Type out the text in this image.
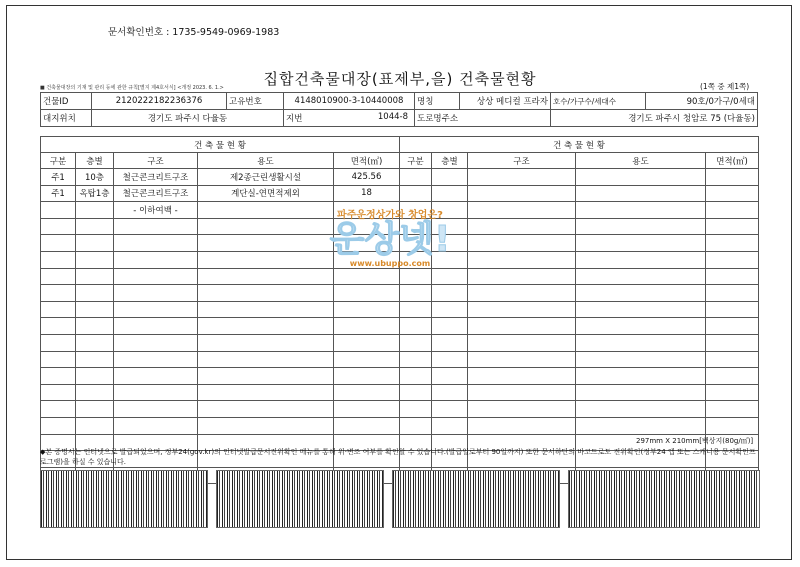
문서확인번호 : 1735-9549-0969-1983
집합건축물대장(표제부,을) 건축물현황
■ 건축물대장의 기재 및 관리 등에 관한 규칙[별지 제4호서식] <개정 2023. 6. 1.>	(1쪽 중 제1쪽)
건물ID	2120222182236376	고유번호	4148010900-3-10440008	명칭	상상 메디컬 프라자	호수/가구수/세대수	90호/0가구/0세대
대지위치	경기도 파주시 다율동		지번 1044-8	도로명주소		경기도 파주시 청암로 75 (다율동)	
건 축 물 현 황					건 축 물 현 황				
구분	층별	구조	용도	면적(㎡)	구분	층별	구조	용도	면적(㎡)
주1	10층	철근콘크리트구조	제2종근린생활시설	425.56					
주1	옥탑1층	철근콘크리트구조	계단실-연면적제외	18					
		- 이하여백 -							

										파주운정상가와 창업은?
운상넷!
www.ubuppo.com
297mm X 210mm[백상지(80g/㎡)]
◆본 증명서는 인터넷으로 발급되었으며, 정부24(gov.kr)의 인터넷발급문서진위확인 메뉴를 통해 위·변조 여부를 확인할 수 있습니다.(발급일로부터 90일까지) 또한 문서하단의 바코드로도 진위확인(정부24 앱 또는 스캐너용 문서확인프로그램)을 하실 수 있습니다.
